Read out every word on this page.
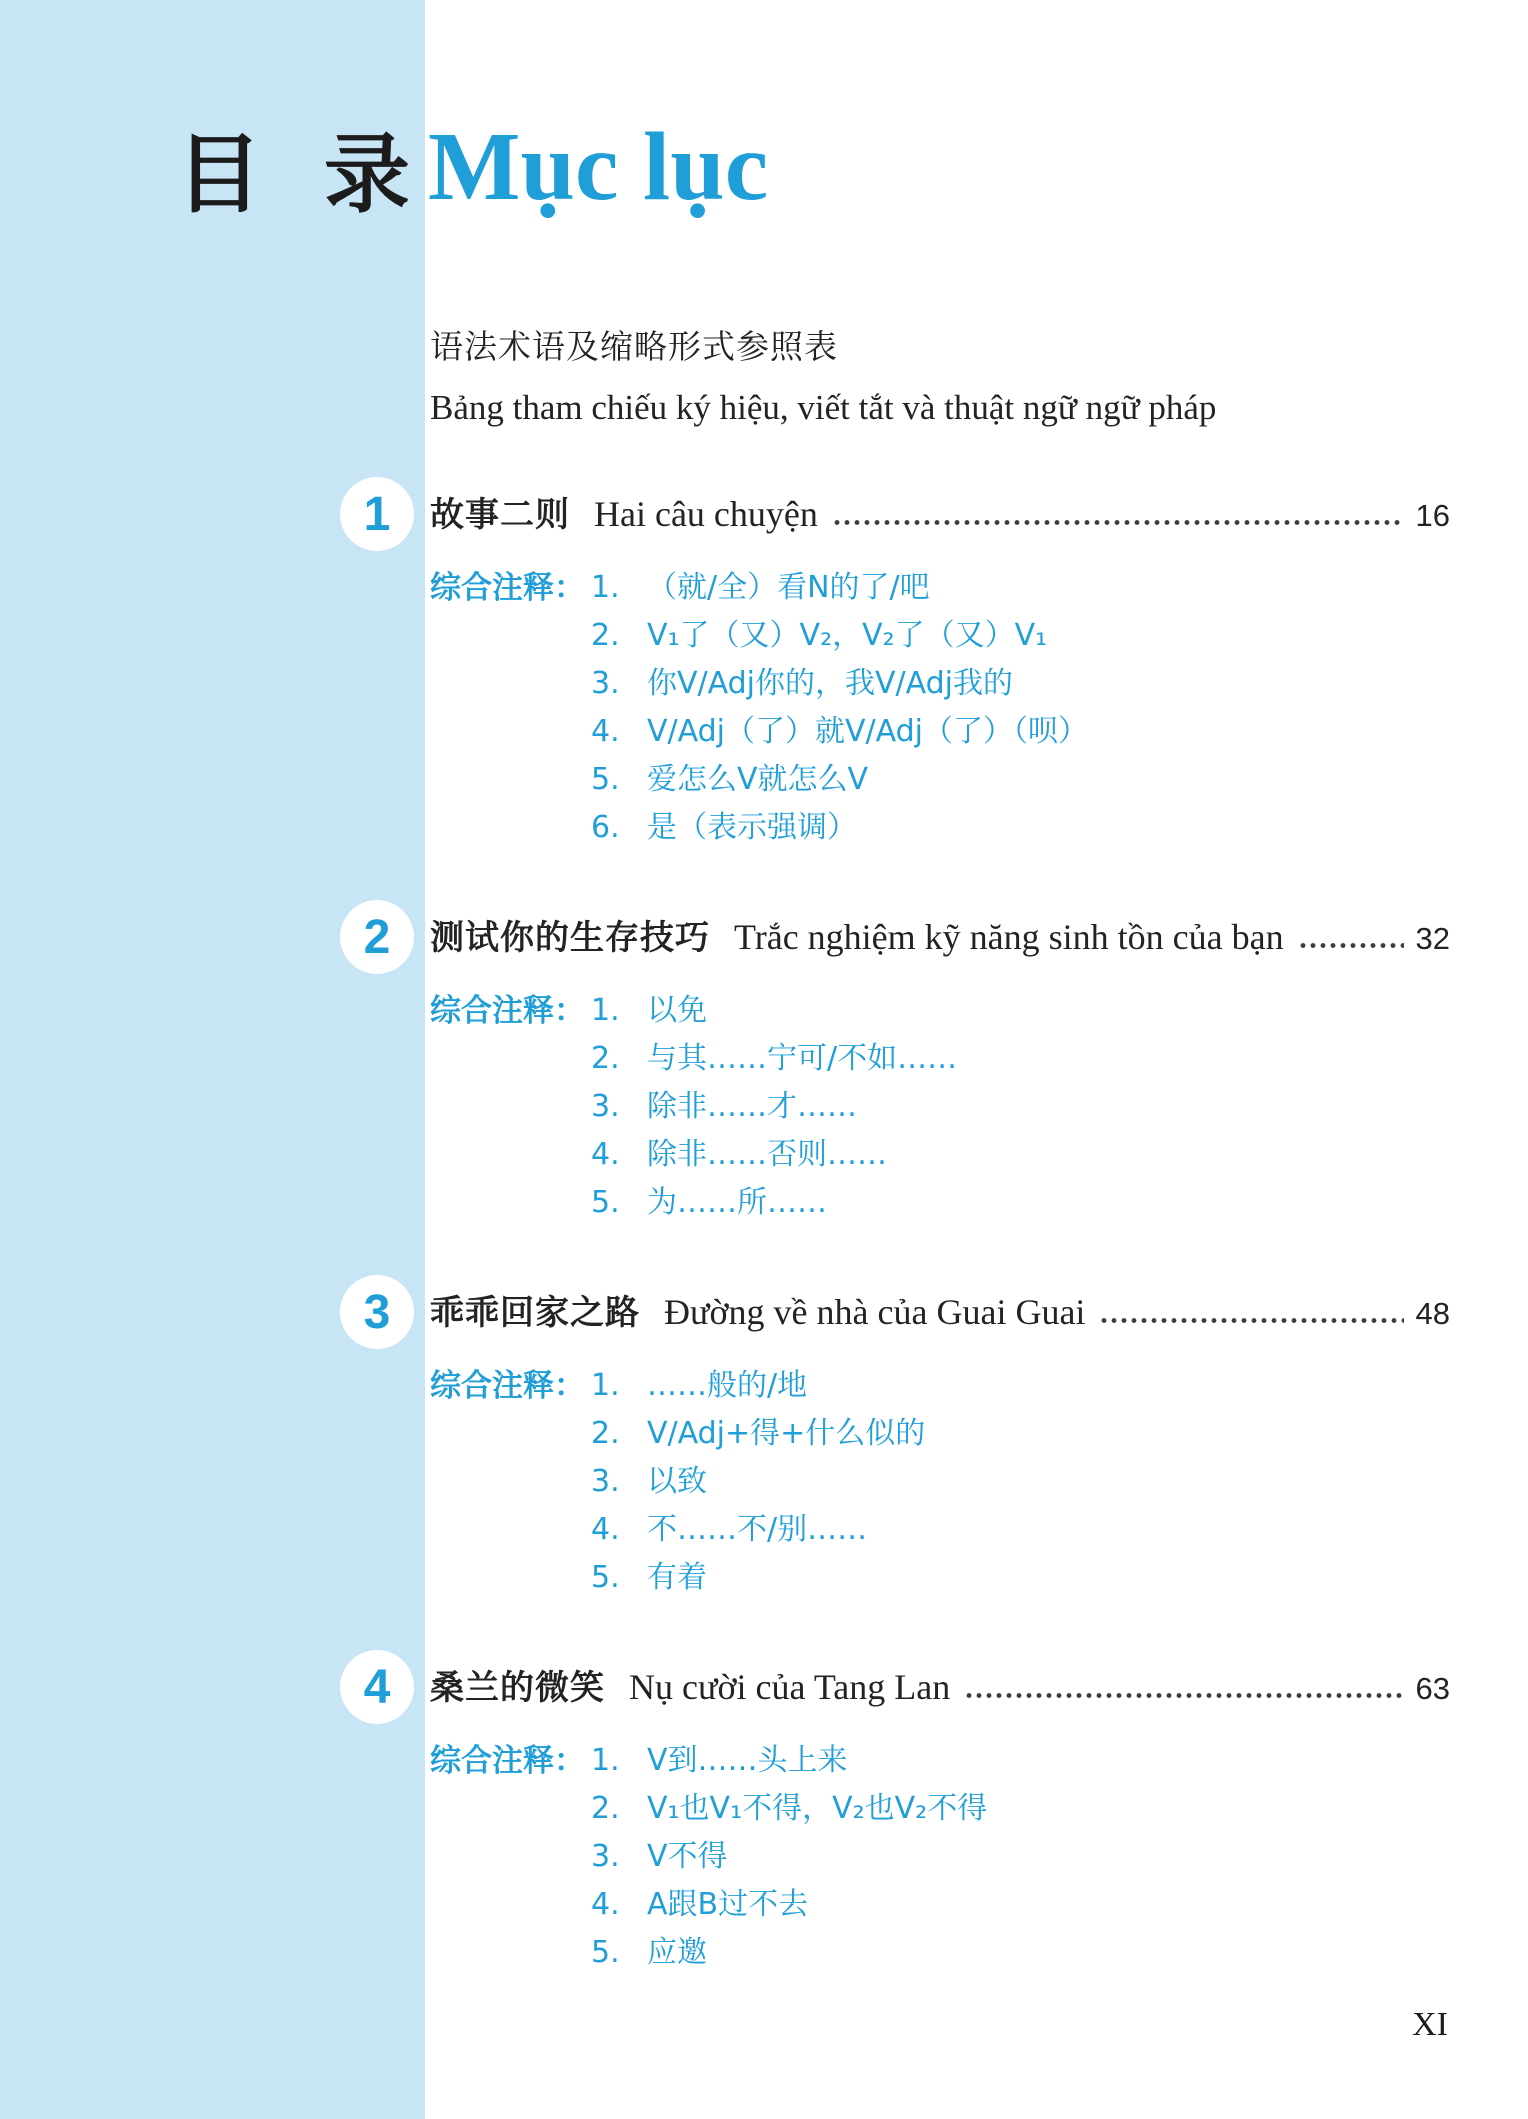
目 录 Mục lục
语法术语及缩略形式参照表
Bảng tham chiếu ký hiệu, viết tắt và thuật ngữ ngữ pháp
1 故事二则 Hai câu chuyện	16
综合注释： 1. （就/全）看N的了/吧
2. V₁了（又）V₂，V₂了（又）V₁
3. 你V/Adj你的，我V/Adj我的
4. V/Adj（了）就V/Adj（了）（呗）
5. 爱怎么V就怎么V
6. 是（表示强调）
2 测试你的生存技巧 Trắc nghiệm kỹ năng sinh tồn của bạn	32
综合注释： 1. 以免
2. 与其……宁可/不如……
3. 除非……才……
4. 除非……否则……
5. 为……所……
3 乖乖回家之路 Đường về nhà của Guai Guai	48
综合注释： 1. ……般的/地
2. V/Adj+得+什么似的
3. 以致
4. 不……不/别……
5. 有着
4 桑兰的微笑 Nụ cười của Tang Lan	63
综合注释： 1. V到……头上来
2. V₁也V₁不得，V₂也V₂不得
3. V不得
4. A跟B过不去
5. 应邀
XI
